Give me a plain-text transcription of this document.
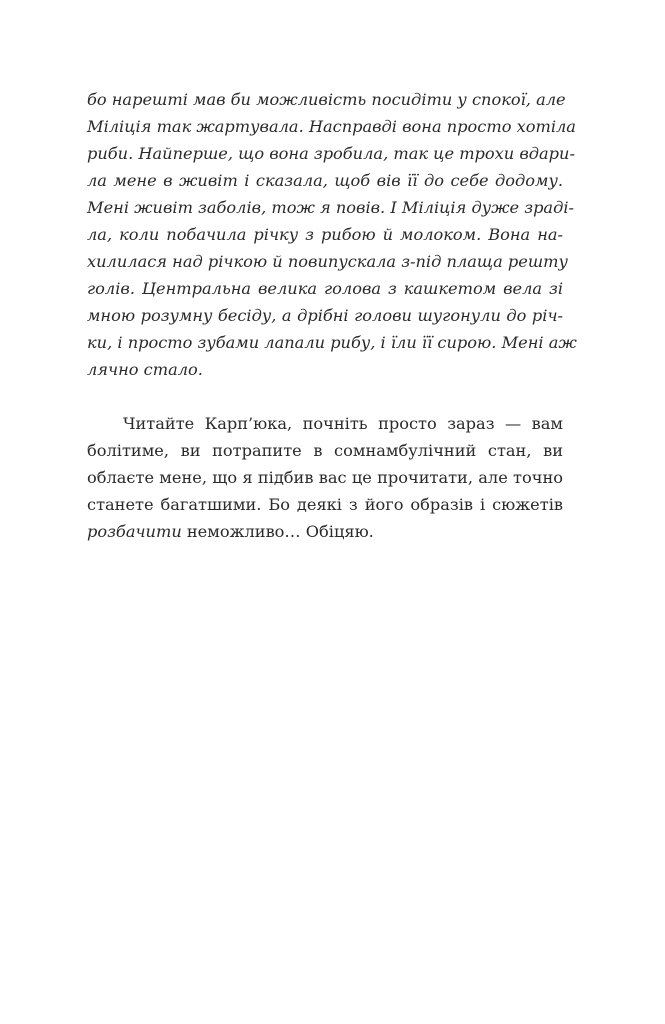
бо нарешті мав би можливість посидіти у спокої, але
Міліція так жартувала. Насправді вона просто хотіла
риби. Найперше, що вона зробила, так це трохи вдари-
ла мене в живіт і сказала, щоб вів її до себе додому.
Мені живіт заболів, тож я повів. І Міліція дуже зраді-
ла, коли побачила річку з рибою й молоком. Вона на-
хилилася над річкою й повипускала з-під плаща решту
голів. Центральна велика голова з кашкетом вела зі
мною розумну бесіду, а дрібні голови шугонули до річ-
ки, і просто зубами лапали рибу, і їли її сирою. Мені аж
лячно стало.

Читайте Карп’юка, почніть просто зараз — вам
болітиме, ви потрапите в сомнамбулічний стан, ви
облаєте мене, що я підбив вас це прочитати, але точно
станете багатшими. Бо деякі з його образів і сюжетів
розбачити неможливо… Обіцяю.
